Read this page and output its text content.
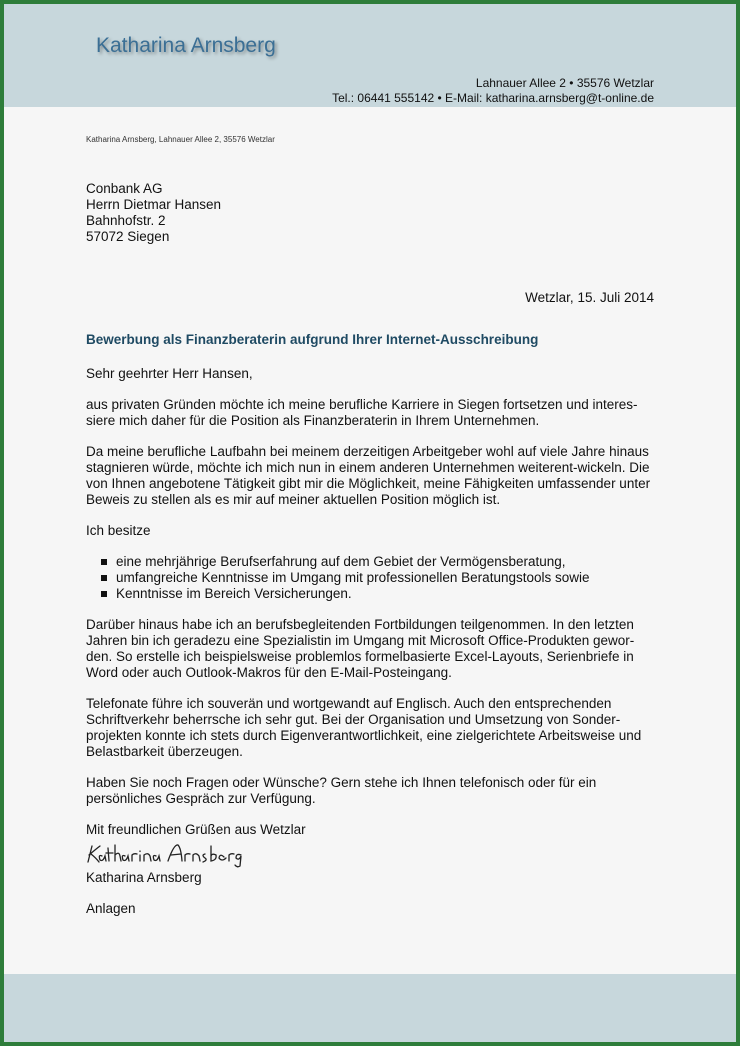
Katharina Arnsberg
Lahnauer Allee 2 • 35576 Wetzlar
Tel.: 06441 555142 • E-Mail: katharina.arnsberg@t-online.de
Katharina Arnsberg, Lahnauer Allee 2, 35576 Wetzlar
Conbank AG
Herrn Dietmar Hansen
Bahnhofstr. 2
57072 Siegen
Wetzlar, 15. Juli 2014
Bewerbung als Finanzberaterin aufgrund Ihrer Internet-Ausschreibung

Sehr geehrter Herr Hansen,

aus privaten Gründen möchte ich meine berufliche Karriere in Siegen fortsetzen und interes-siere mich daher für die Position als Finanzberaterin in Ihrem Unternehmen.

Da meine berufliche Laufbahn bei meinem derzeitigen Arbeitgeber wohl auf viele Jahre hinaus stagnieren würde, möchte ich mich nun in einem anderen Unternehmen weiterent-wickeln. Die von Ihnen angebotene Tätigkeit gibt mir die Möglichkeit, meine Fähigkeiten umfassender unter Beweis zu stellen als es mir auf meiner aktuellen Position möglich ist.

Ich besitze

eine mehrjährige Berufserfahrung auf dem Gebiet der Vermögensberatung,
umfangreiche Kenntnisse im Umgang mit professionellen Beratungstools sowie
Kenntnisse im Bereich Versicherungen.

Darüber hinaus habe ich an berufsbegleitenden Fortbildungen teilgenommen. In den letzten Jahren bin ich geradezu eine Spezialistin im Umgang mit Microsoft Office-Produkten gewor-den. So erstelle ich beispielsweise problemlos formelbasierte Excel-Layouts, Serienbriefe in Word oder auch Outlook-Makros für den E-Mail-Posteingang.

Telefonate führe ich souverän und wortgewandt auf Englisch. Auch den entsprechenden Schriftverkehr beherrsche ich sehr gut. Bei der Organisation und Umsetzung von Sonder-projekten konnte ich stets durch Eigenverantwortlichkeit, eine zielgerichtete Arbeitsweise und Belastbarkeit überzeugen.

Haben Sie noch Fragen oder Wünsche? Gern stehe ich Ihnen telefonisch oder für ein persönliches Gespräch zur Verfügung.

Mit freundlichen Grüßen aus Wetzlar

Katharina Arnsberg

Anlagen
